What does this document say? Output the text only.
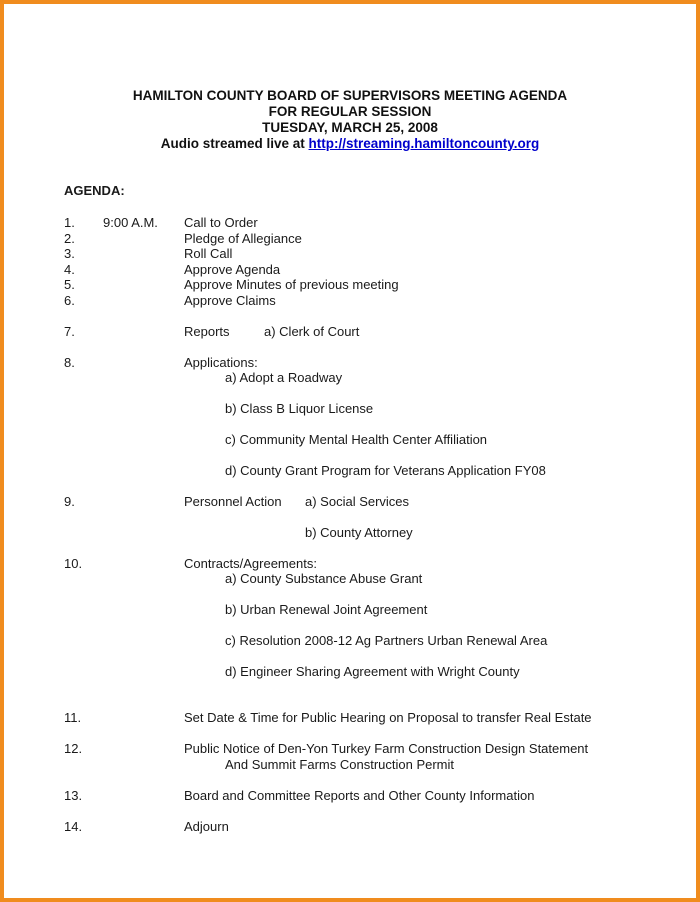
HAMILTON COUNTY BOARD OF SUPERVISORS MEETING AGENDA
FOR REGULAR SESSION
TUESDAY, MARCH 25, 2008
Audio streamed live at http://streaming.hamiltoncounty.org
AGENDA:
1. 9:00 A.M. Call to Order
2.	Pledge of Allegiance
3.	Roll Call
4.	Approve Agenda
5.	Approve Minutes of previous meeting
6.	Approve Claims
7.	Reports	a) Clerk of Court
8.	Applications:
a) Adopt a Roadway
b) Class B Liquor License
c) Community Mental Health Center Affiliation
d) County Grant Program for Veterans Application FY08
9.	Personnel Action a) Social Services
b) County Attorney
10.	Contracts/Agreements:
a) County Substance Abuse Grant
b) Urban Renewal Joint Agreement
c) Resolution 2008-12 Ag Partners Urban Renewal Area
d) Engineer Sharing Agreement with Wright County
11.	Set Date & Time for Public Hearing on Proposal to transfer Real Estate
12.	Public Notice of Den-Yon Turkey Farm Construction Design Statement
And Summit Farms Construction Permit
13.	Board and Committee Reports and Other County Information
14.	Adjourn
